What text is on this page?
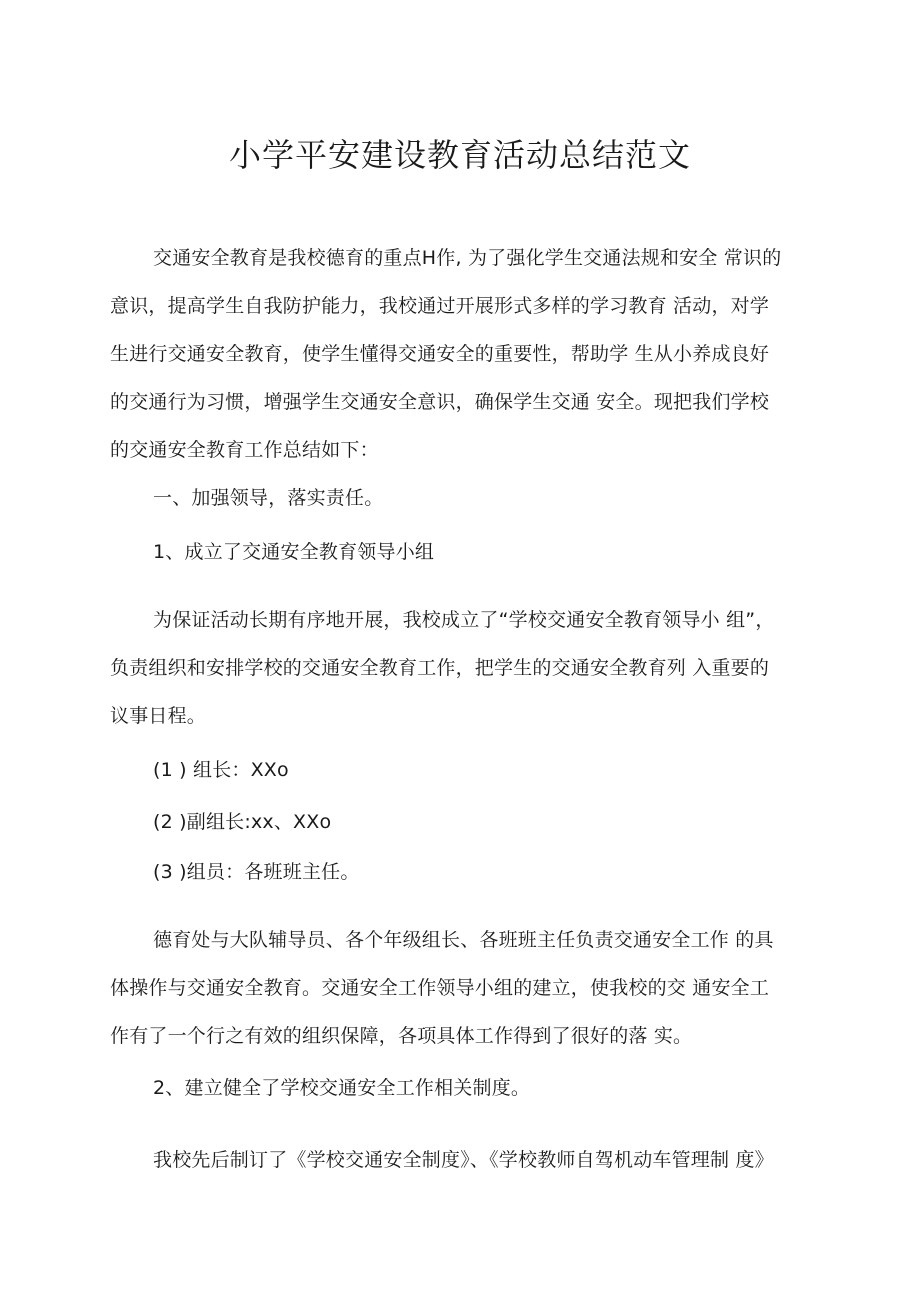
小学平安建设教育活动总结范文

交通安全教育是我校德育的重点H作, 为了强化学生交通法规和安全 常识的

意识，提高学生自我防护能力，我校通过开展形式多样的学习教育 活动，对学

生进行交通安全教育，使学生懂得交通安全的重要性，帮助学 生从小养成良好

的交通行为习惯，增强学生交通安全意识，确保学生交通 安全。现把我们学校

的交通安全教育工作总结如下：

一、加强领导，落实责任。

1、成立了交通安全教育领导小组

为保证活动长期有序地开展，我校成立了“学校交通安全教育领导小 组”，

负责组织和安排学校的交通安全教育工作，把学生的交通安全教育列 入重要的

议事日程。

(1 ) 组长：XXo

(2 )副组长:xx、XXo

(3 )组员：各班班主任。

德育处与大队辅导员、各个年级组长、各班班主任负责交通安全工作 的具

体操作与交通安全教育。交通安全工作领导小组的建立，使我校的交 通安全工

作有了一个行之有效的组织保障，各项具体工作得到了很好的落 实。

2、建立健全了学校交通安全工作相关制度。

我校先后制订了《学校交通安全制度》、《学校教师自驾机动车管理制 度》
